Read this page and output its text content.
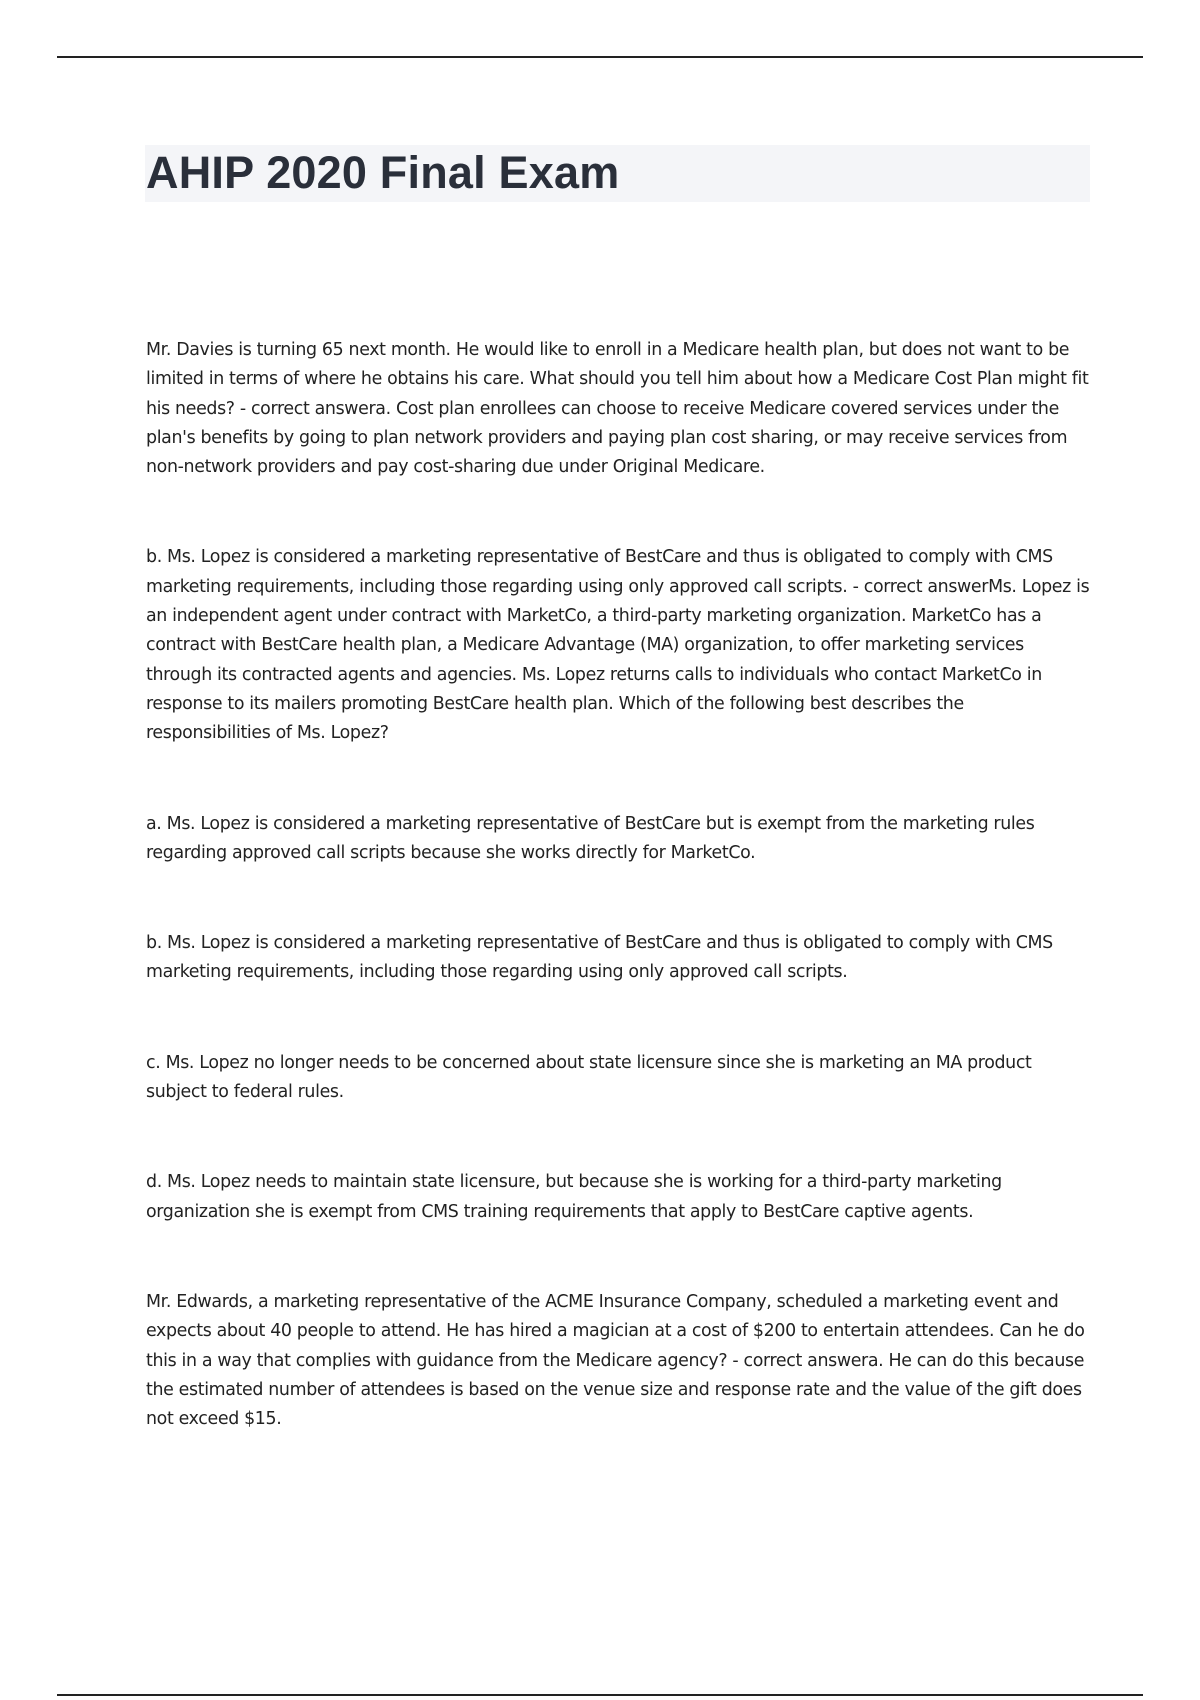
AHIP 2020 Final Exam

Mr. Davies is turning 65 next month. He would like to enroll in a Medicare health plan, but does not want to be limited in terms of where he obtains his care. What should you tell him about how a Medicare Cost Plan might fit his needs? - correct answera. Cost plan enrollees can choose to receive Medicare covered services under the plan's benefits by going to plan network providers and paying plan cost sharing, or may receive services from non-network providers and pay cost-sharing due under Original Medicare.

b. Ms. Lopez is considered a marketing representative of BestCare and thus is obligated to comply with CMS marketing requirements, including those regarding using only approved call scripts. - correct answerMs. Lopez is an independent agent under contract with MarketCo, a third-party marketing organization. MarketCo has a contract with BestCare health plan, a Medicare Advantage (MA) organization, to offer marketing services through its contracted agents and agencies. Ms. Lopez returns calls to individuals who contact MarketCo in response to its mailers promoting BestCare health plan. Which of the following best describes the responsibilities of Ms. Lopez?

a. Ms. Lopez is considered a marketing representative of BestCare but is exempt from the marketing rules regarding approved call scripts because she works directly for MarketCo.

b. Ms. Lopez is considered a marketing representative of BestCare and thus is obligated to comply with CMS marketing requirements, including those regarding using only approved call scripts.

c. Ms. Lopez no longer needs to be concerned about state licensure since she is marketing an MA product subject to federal rules.

d. Ms. Lopez needs to maintain state licensure, but because she is working for a third-party marketing organization she is exempt from CMS training requirements that apply to BestCare captive agents.

Mr. Edwards, a marketing representative of the ACME Insurance Company, scheduled a marketing event and expects about 40 people to attend. He has hired a magician at a cost of $200 to entertain attendees. Can he do this in a way that complies with guidance from the Medicare agency? - correct answera. He can do this because the estimated number of attendees is based on the venue size and response rate and the value of the gift does not exceed $15.
